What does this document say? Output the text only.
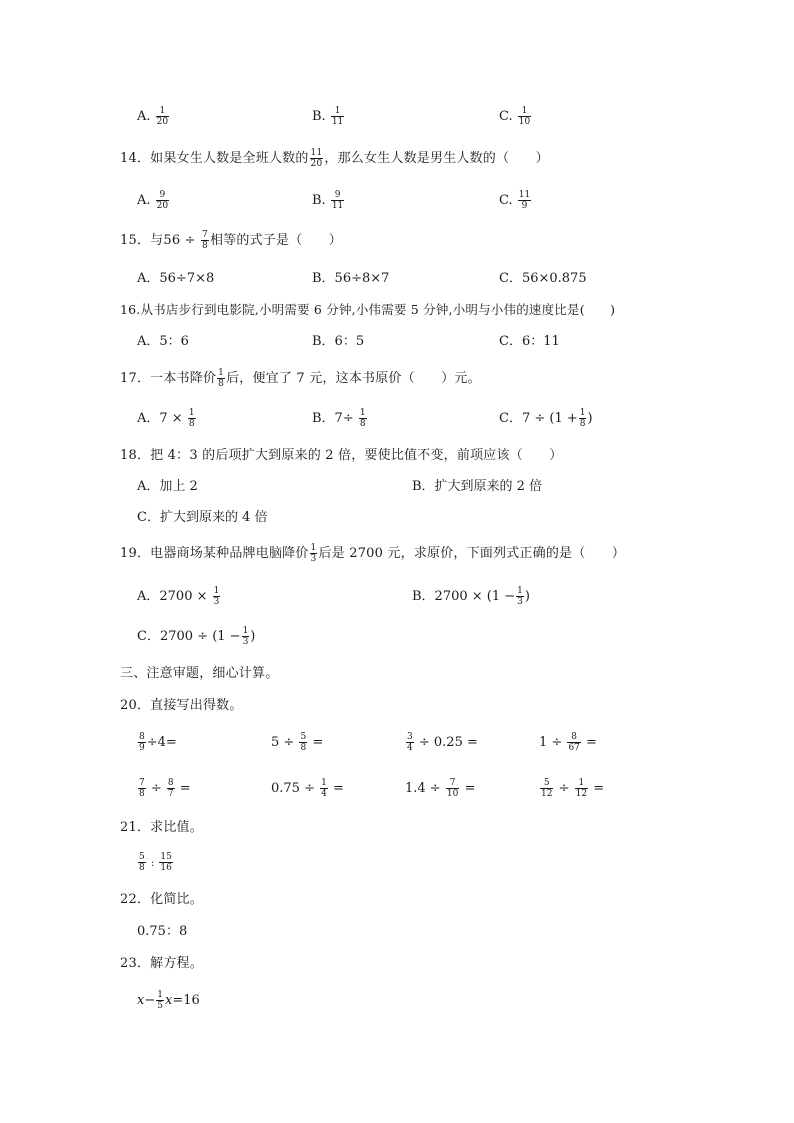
A. $\frac{1}{20}$	B. $\frac{1}{11}$	C. $\frac{1}{10}$
14．如果女生人数是全班人数的 $\frac{11}{20}$ ，那么女生人数是男生人数的（　　）
A. $\frac{9}{20}$	B. $\frac{9}{11}$	C. $\frac{11}{9}$
15．与$56 \div \frac{7}{8}$ 相等的式子是（　　）
A．56÷7×8	B．56÷8×7	C．56×0.875
16.从书店步行到电影院,小明需要 6 分钟,小伟需要 5 分钟,小明与小伟的速度比是(　　)
A．5：6	B．6：5	C．6：11
17．一本书降价 $\frac{1}{8}$ 后，便宜了 7 元，这本书原价（　　）元。
A．$7 \times \frac{1}{8}$	B．$7\div \frac{1}{8}$	C．$7 \div (1 + \frac{1}{8}$ )
18．把 4：3 的后项扩大到原来的 2 倍，要使比值不变，前项应该（　　）
A．加上 2	B．扩大到原来的 2 倍
C．扩大到原来的 4 倍
19．电器商场某种品牌电脑降价 $\frac{1}{3}$ 后是 2700 元，求原价，下面列式正确的是（　　）
A．$2700 \times \frac{1}{3}$	B．$2700 \times (1 - \frac{1}{3}$ )
C．$2700 \div (1 - \frac{1}{3}$ )
三、注意审题，细心计算。
20．直接写出得数。
$\frac{8}{9} \div 4=$	$5 \div \frac{5}{8}$ =	$\frac{3}{4} \div 0.25$ =	$1 \div \frac{8}{67}$ =
$\frac{7}{8} \div \frac{8}{7}$ =	$0.75 \div \frac{1}{4}$ =	$1.4 \div \frac{7}{10}$ =	$\frac{5}{12} \div \frac{1}{12}$ =
21．求比值。
$\frac{5}{8}$ : $\frac{15}{16}$
22．化简比。
0.75：8
23．解方程。
$x- \frac{1}{5} x=16$
